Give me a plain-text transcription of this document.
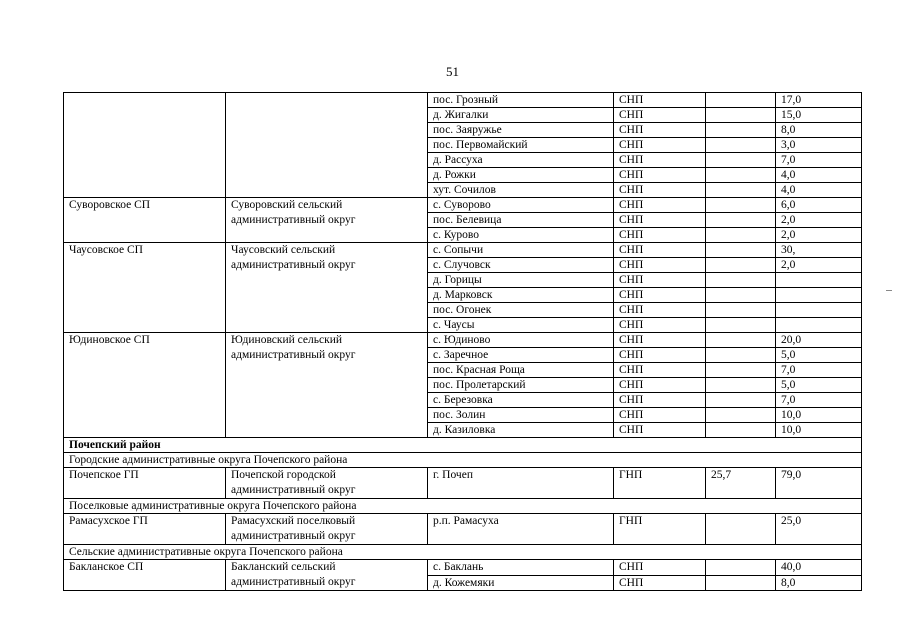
51
		пос. Грозный	СНП		17,0
		д. Жигалки	СНП		15,0
		пос. Заяружье	СНП		8,0
		пос. Первомайский	СНП		3,0
		д. Рассуха	СНП		7,0
		д. Рожки	СНП		4,0
		хут. Сочилов	СНП		4,0
Суворовское СП	Суворовский сельский административный округ	с. Суворово	СНП		6,0
		пос. Белевица	СНП		2,0
		с. Курово	СНП		2,0
Чаусовское СП	Чаусовский сельский административный округ	с. Сопычи	СНП		30,
		с. Случовск	СНП		2,0
		д. Горицы	СНП		
		д. Марковск	СНП		
		пос. Огонек	СНП		
		с. Чаусы	СНП		
Юдиновское СП	Юдиновский сельский административный округ	с. Юдиново	СНП		20,0
		с. Заречное	СНП		5,0
		пос. Красная Роща	СНП		7,0
		пос. Пролетарский	СНП		5,0
		с. Березовка	СНП		7,0
		пос. Золин	СНП		10,0
		д. Казиловка	СНП		10,0
Почепский район					
Городские административные округа Почепского района					
Почепское ГП	Почепской городской административный округ	г. Почеп	ГНП	25,7	79,0
Поселковые административные округа Почепского района					
Рамасухское ГП	Рамасухский поселковый административный округ	р.п. Рамасуха	ГНП		25,0
Сельские административные округа Почепского района					
Бакланское СП	Бакланский сельский административный округ	с. Баклань	СНП		40,0
		д. Кожемяки	СНП		8,0
